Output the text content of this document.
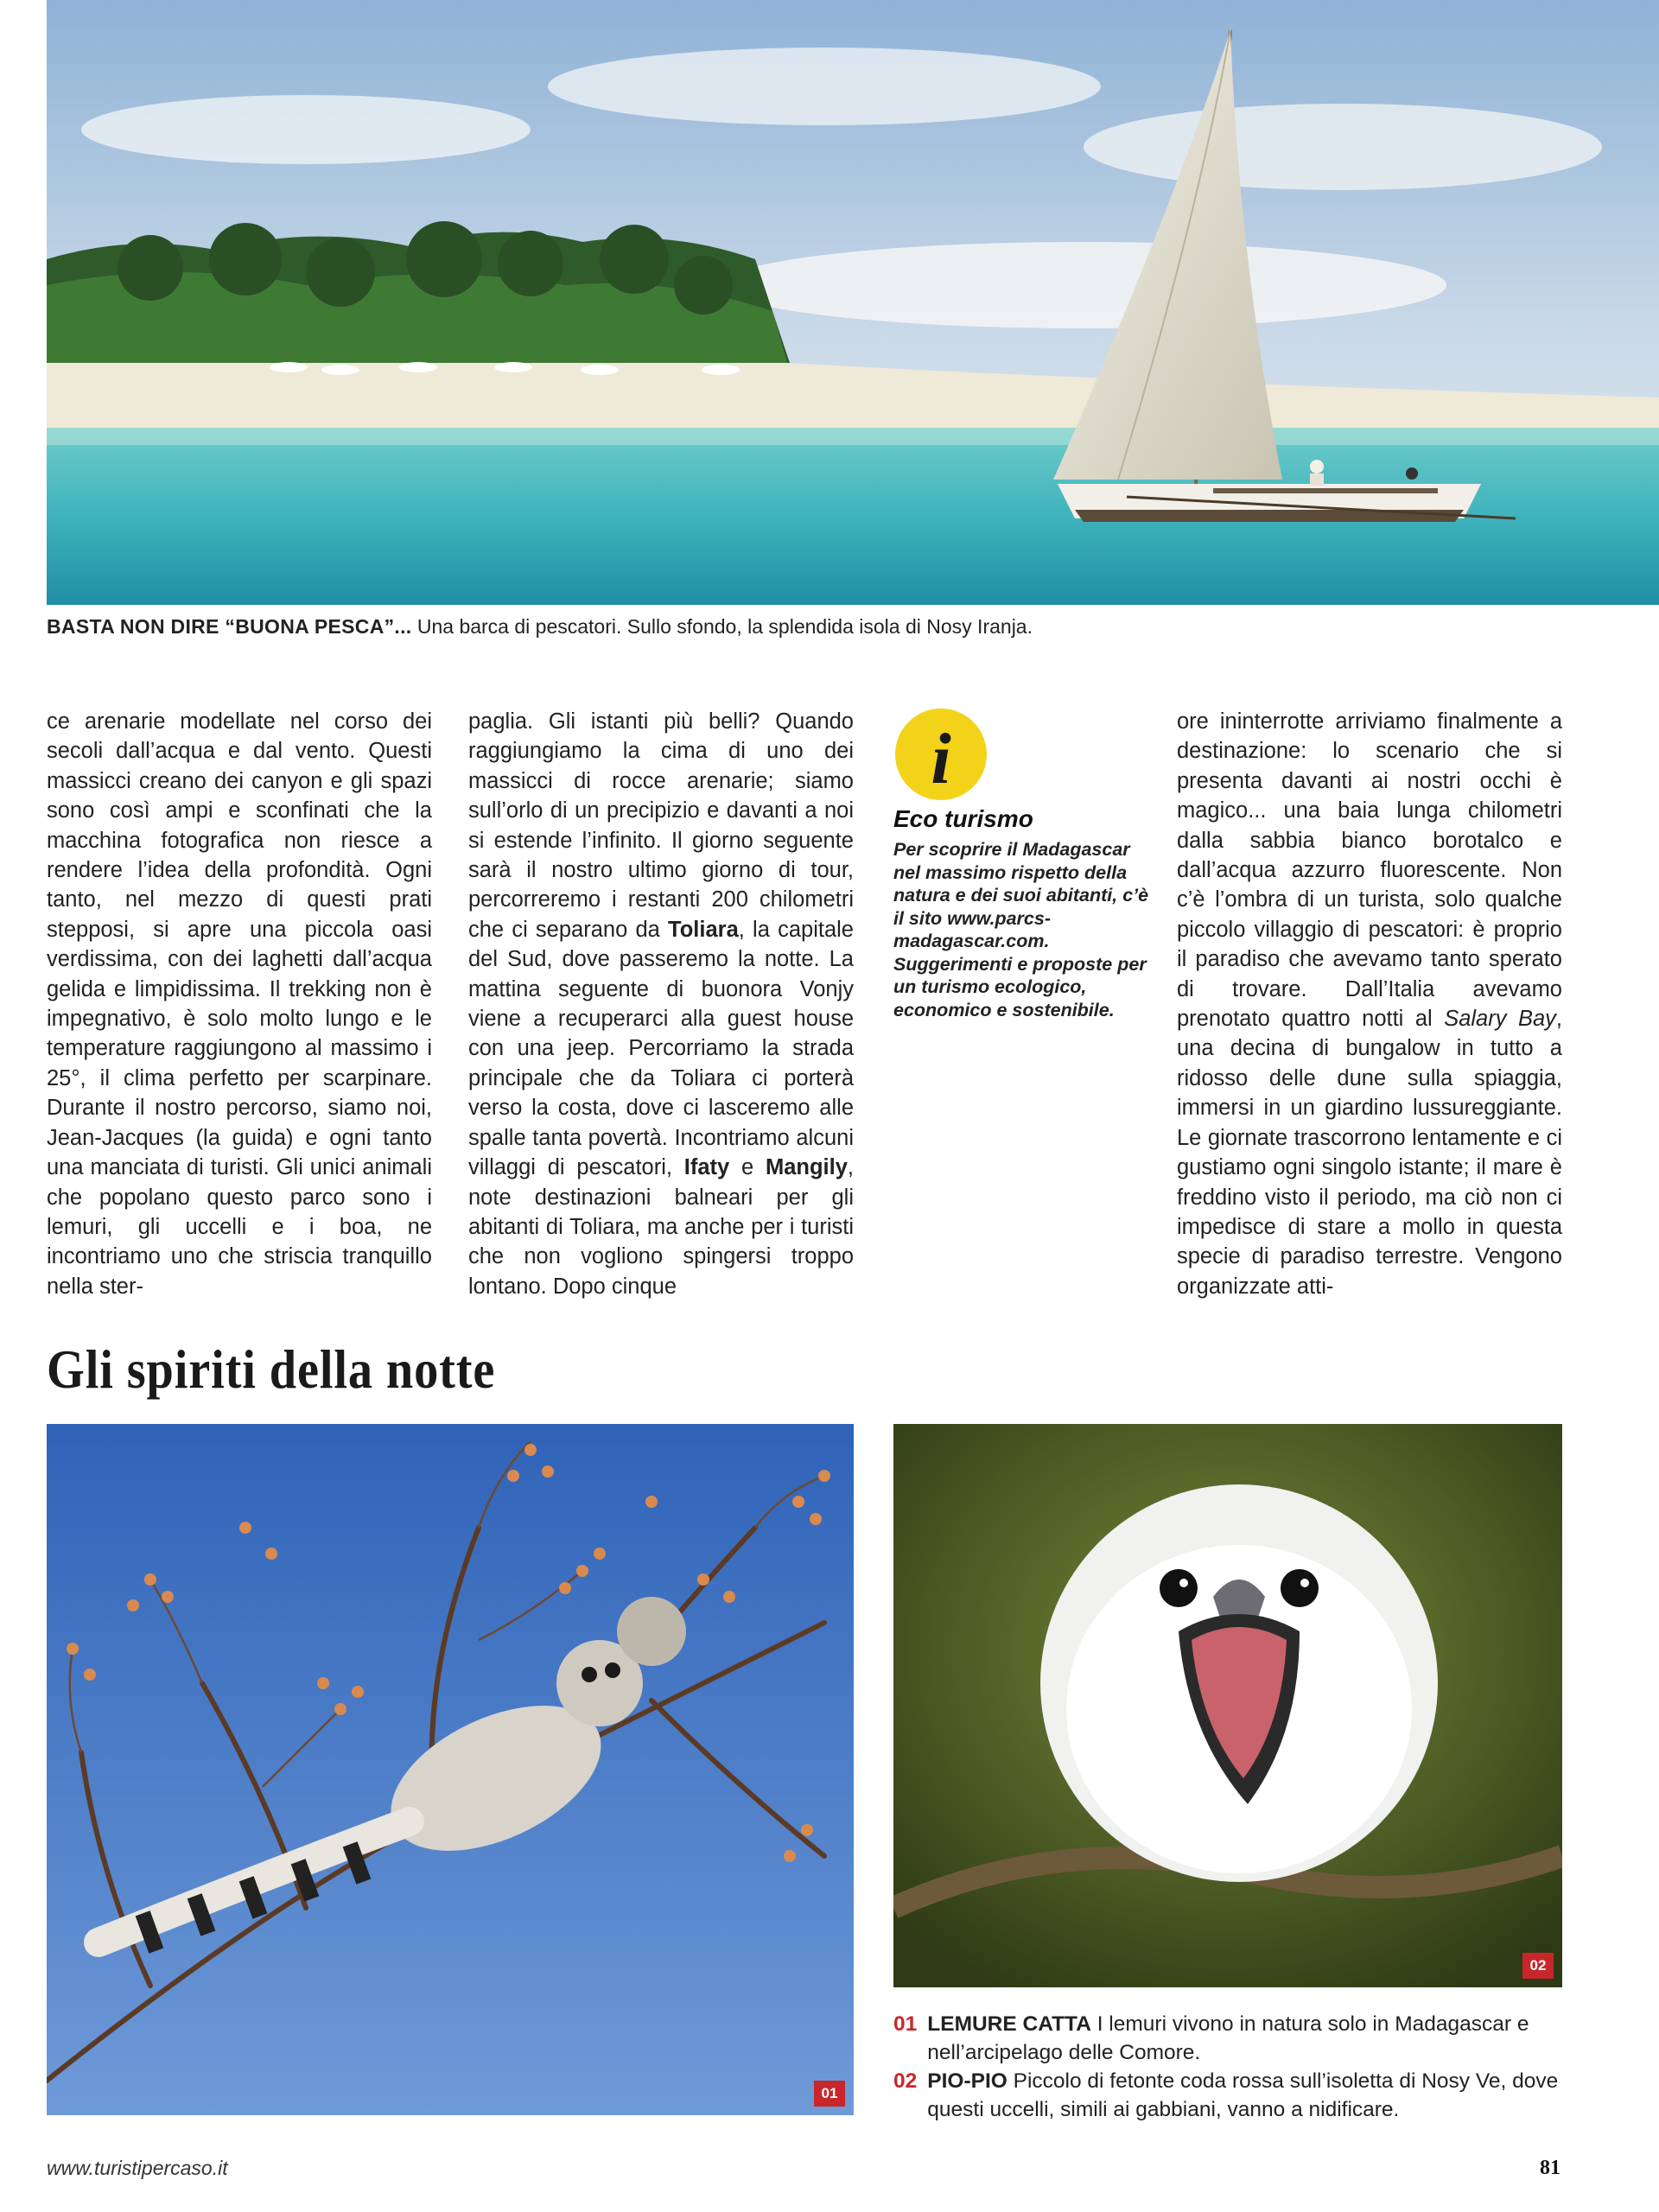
BASTA NON DIRE “BUONA PESCA”... Una barca di pescatori. Sullo sfondo, la splendida isola di Nosy Iranja.

ce arenarie modellate nel corso dei secoli dall’acqua e dal vento. Questi massicci creano dei canyon e gli spazi sono così ampi e sconfinati che la macchina fotografica non riesce a rendere l’idea della profondità. Ogni tanto, nel mezzo di questi prati stepposi, si apre una piccola oasi verdissima, con dei laghetti dall’acqua gelida e limpidissima. Il trekking non è impegnativo, è solo molto lungo e le temperature raggiungono al massimo i 25°, il clima perfetto per scarpinare. Durante il nostro percorso, siamo noi, Jean-Jacques (la guida) e ogni tanto una manciata di turisti. Gli unici animali che popolano questo parco sono i lemuri, gli uccelli e i boa, ne incontriamo uno che striscia tranquillo nella ster-

paglia. Gli istanti più belli? Quando raggiungiamo la cima di uno dei massicci di rocce arenarie; siamo sull’orlo di un precipizio e davanti a noi si estende l’infinito. Il giorno seguente sarà il nostro ultimo giorno di tour, percorreremo i restanti 200 chilometri che ci separano da Toliara, la capitale del Sud, dove passeremo la notte. La mattina seguente di buonora Vonjy viene a recuperarci alla guest house con una jeep. Percorriamo la strada principale che da Toliara ci porterà verso la costa, dove ci lasceremo alle spalle tanta povertà. Incontriamo alcuni villaggi di pescatori, Ifaty e Mangily, note destinazioni balneari per gli abitanti di Toliara, ma anche per i turisti che non vogliono spingersi troppo lontano. Dopo cinque

i
Eco turismo
Per scoprire il Madagascar nel massimo rispetto della natura e dei suoi abitanti, c’è il sito www.parcs-madagascar.com. Suggerimenti e proposte per un turismo ecologico, economico e sostenibile.

ore ininterrotte arriviamo finalmente a destinazione: lo scenario che si presenta davanti ai nostri occhi è magico... una baia lunga chilometri dalla sabbia bianco borotalco e dall’acqua azzurro fluorescente. Non c’è l’ombra di un turista, solo qualche piccolo villaggio di pescatori: è proprio il paradiso che avevamo tanto sperato di trovare. Dall’Italia avevamo prenotato quattro notti al Salary Bay, una decina di bungalow in tutto a ridosso delle dune sulla spiaggia, immersi in un giardino lussureggiante. Le giornate trascorrono lentamente e ci gustiamo ogni singolo istante; il mare è freddino visto il periodo, ma ciò non ci impedisce di stare a mollo in questa specie di paradiso terrestre. Vengono organizzate atti-

Gli spiriti della notte
01
02
01 LEMURE CATTA I lemuri vivono in natura solo in Madagascar e nell’arcipelago delle Comore.
02 PIO-PIO Piccolo di fetonte coda rossa sull’isoletta di Nosy Ve, dove questi uccelli, simili ai gabbiani, vanno a nidificare.
www.turistipercaso.it	81
